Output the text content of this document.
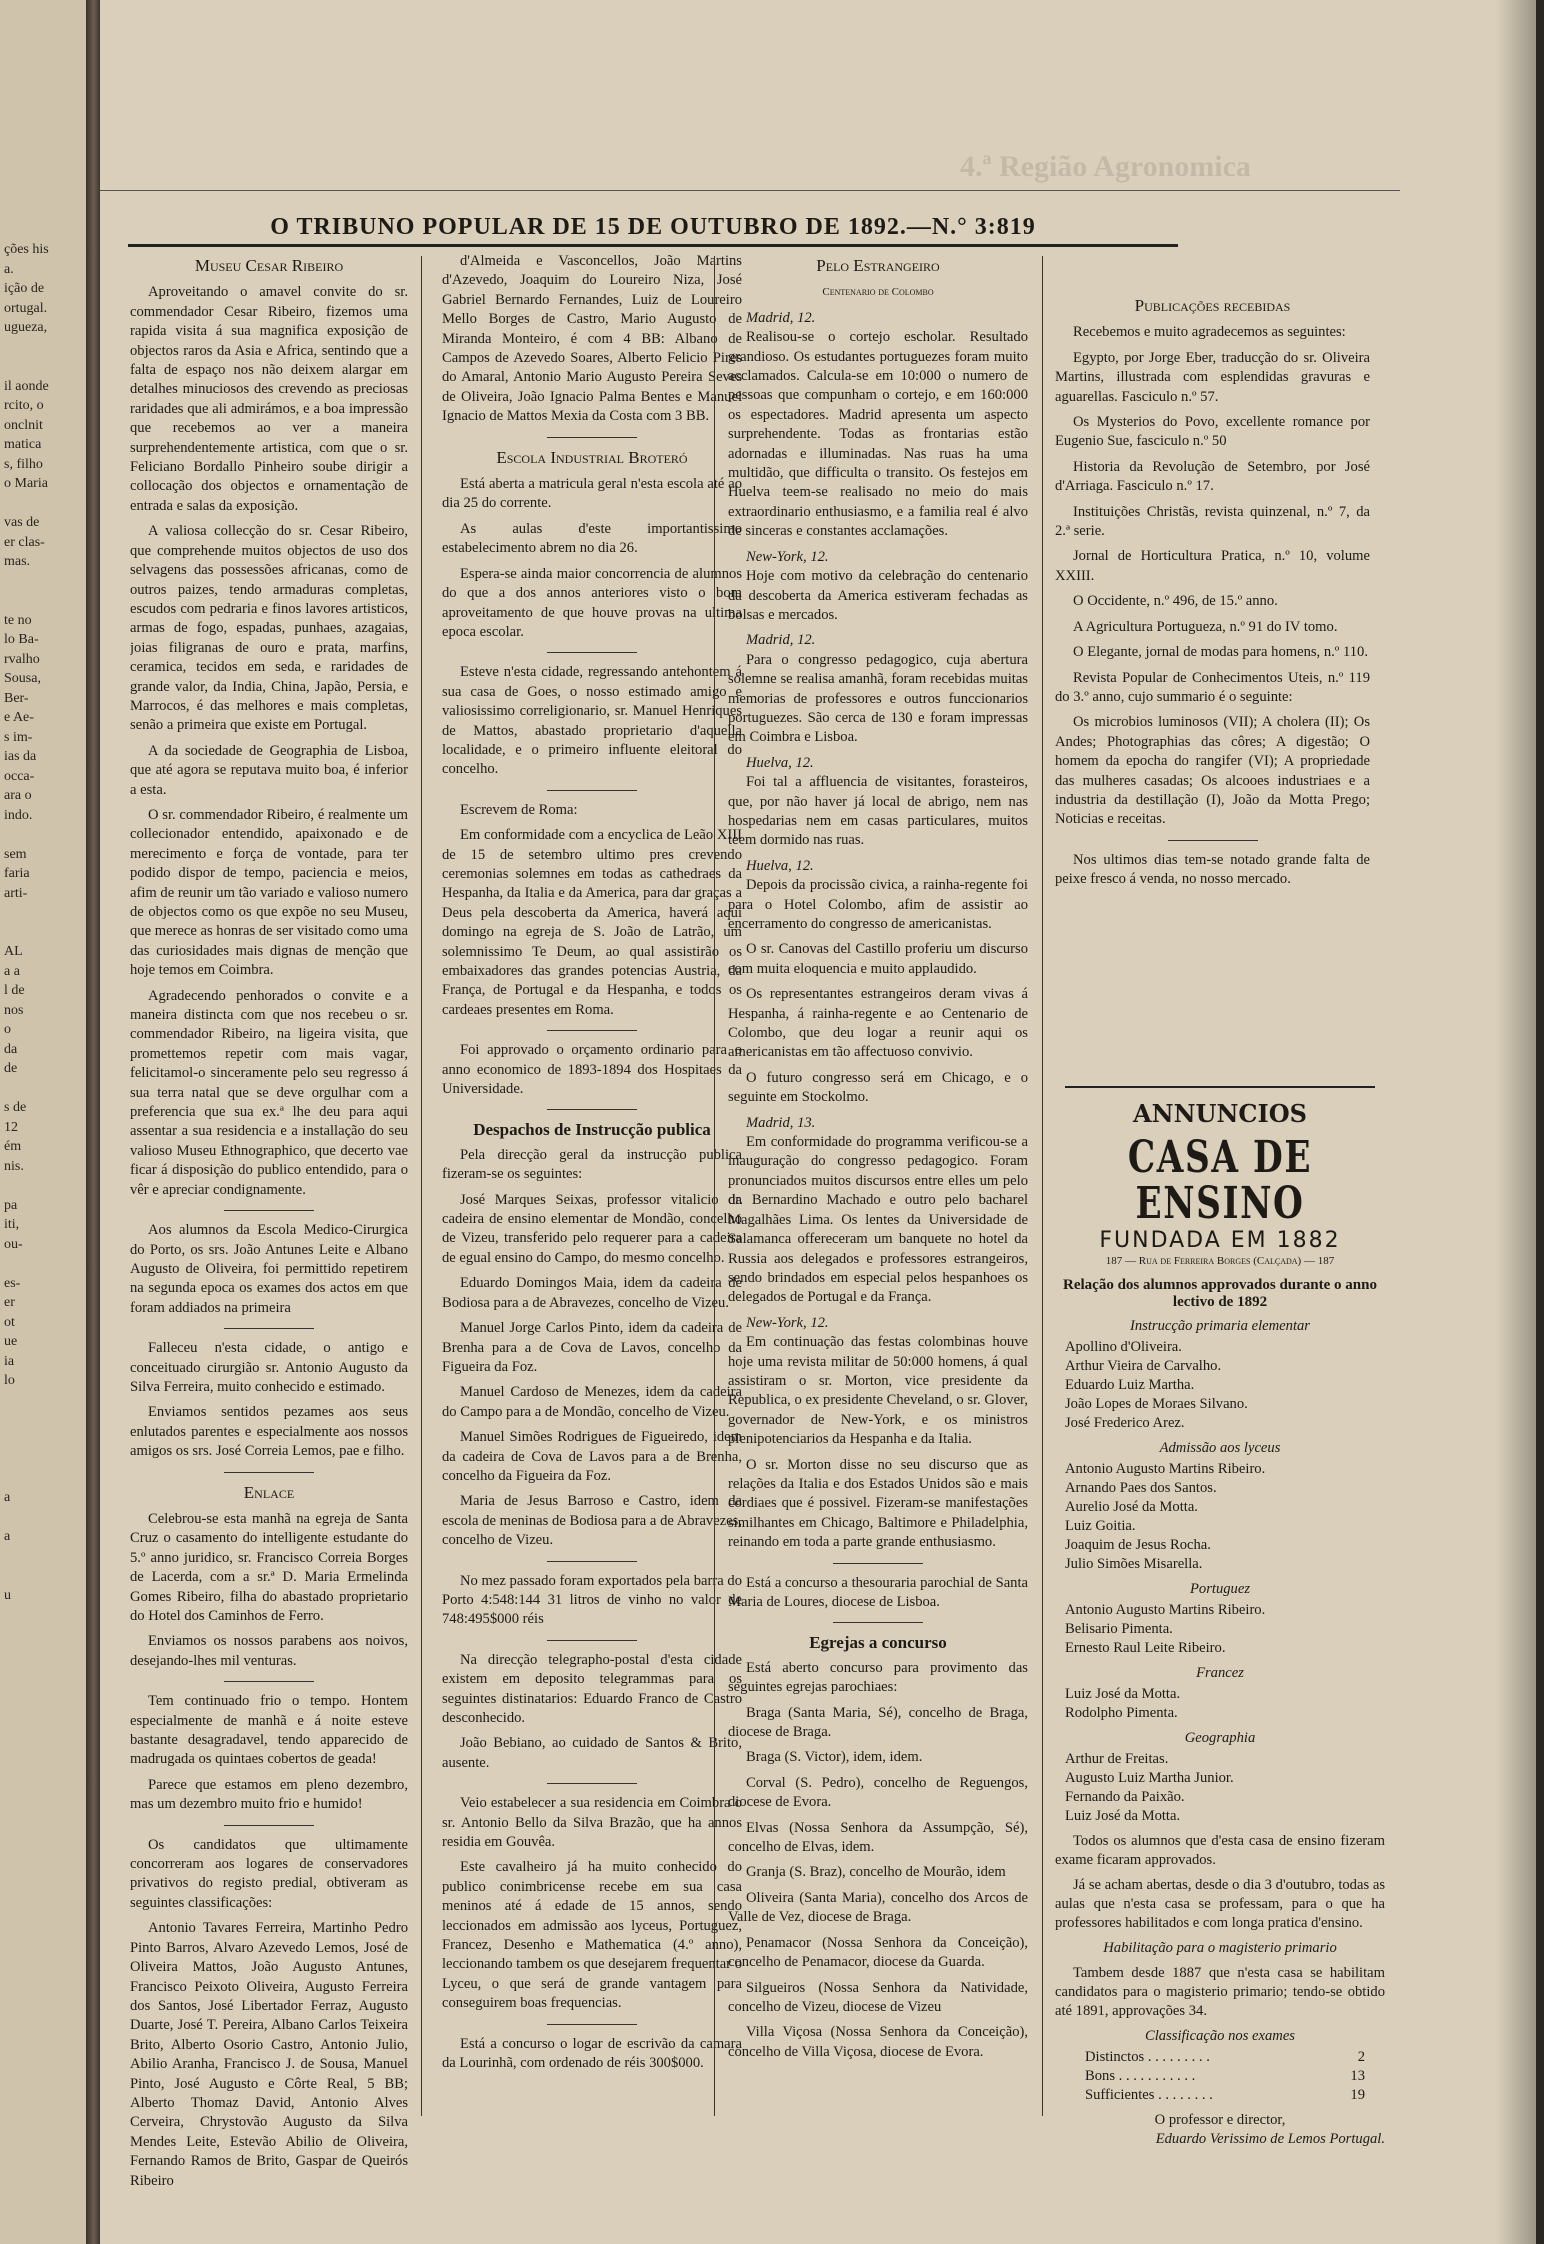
ções his
a.
ição de
ortugal.
ugueza,

il aonde
rcito, o
onclnit
matica
s, filho
o Maria

vas de
er clas-
mas.

te no
lo Ba-
rvalho
Sousa,
Ber-
e Ae-
s im-
ias da
occa-
ara o
indo.

sem
faria
arti-

AL
a a
l de
nos
o
da
de

s de
12
ém
nis.

pa
iti,
ou-

es-
er
ot
ue
ia
lo

a

a

u
4.ª Região Agronomica
O TRIBUNO POPULAR DE 15 DE OUTUBRO DE 1892.—N.° 3:819
Museu Cesar Ribeiro

Aproveitando o amavel convite do sr. commendador Cesar Ribeiro, fizemos uma rapida visita á sua magnifica exposição de objectos raros da Asia e Africa, sentindo que a falta de espaço nos não deixem alargar em detalhes minuciosos des crevendo as preciosas raridades que ali admirámos, e a boa impressão que recebemos ao ver a maneira surprehendentemente artistica, com que o sr. Feliciano Bordallo Pinheiro soube dirigir a collocação dos objectos e ornamentação de entrada e salas da exposição.

A valiosa collecção do sr. Cesar Ribeiro, que comprehende muitos objectos de uso dos selvagens das possessões africanas, como de outros paizes, tendo armaduras completas, escudos com pedraria e finos lavores artisticos, armas de fogo, espadas, punhaes, azagaias, joias filigranas de ouro e prata, marfins, ceramica, tecidos em seda, e raridades de grande valor, da India, China, Japão, Persia, e Marrocos, é das melhores e mais completas, senão a primeira que existe em Portugal.

A da sociedade de Geographia de Lisboa, que até agora se reputava muito boa, é inferior a esta.

O sr. commendador Ribeiro, é realmente um collecionador entendido, apaixonado e de merecimento e força de vontade, para ter podido dispor de tempo, paciencia e meios, afim de reunir um tão variado e valioso numero de objectos como os que expõe no seu Museu, que merece as honras de ser visitado como uma das curiosidades mais dignas de menção que hoje temos em Coimbra.

Agradecendo penhorados o convite e a maneira distincta com que nos recebeu o sr. commendador Ribeiro, na ligeira visita, que promettemos repetir com mais vagar, felicitamol-o sinceramente pelo seu regresso á sua terra natal que se deve orgulhar com a preferencia que sua ex.ª lhe deu para aqui assentar a sua residencia e a installação do seu valioso Museu Ethnographico, que decerto vae ficar á disposição do publico entendido, para o vêr e apreciar condignamente.

Aos alumnos da Escola Medico-Cirurgica do Porto, os srs. João Antunes Leite e Albano Augusto de Oliveira, foi permittido repetirem na segunda epoca os exames dos actos em que foram addiados na primeira

Falleceu n'esta cidade, o antigo e conceituado cirurgião sr. Antonio Augusto da Silva Ferreira, muito conhecido e estimado.

Enviamos sentidos pezames aos seus enlutados parentes e especialmente aos nossos amigos os srs. José Correia Lemos, pae e filho.

Enlace

Celebrou-se esta manhã na egreja de Santa Cruz o casamento do intelligente estudante do 5.º anno juridico, sr. Francisco Correia Borges de Lacerda, com a sr.ª D. Maria Ermelinda Gomes Ribeiro, filha do abastado proprietario do Hotel dos Caminhos de Ferro.

Enviamos os nossos parabens aos noivos, desejando-lhes mil venturas.

Tem continuado frio o tempo. Hontem especialmente de manhã e á noite esteve bastante desagradavel, tendo apparecido de madrugada os quintaes cobertos de geada!

Parece que estamos em pleno dezembro, mas um dezembro muito frio e humido!

Os candidatos que ultimamente concorreram aos logares de conservadores privativos do registo predial, obtiveram as seguintes classificações:

Antonio Tavares Ferreira, Martinho Pedro Pinto Barros, Alvaro Azevedo Lemos, José de Oliveira Mattos, João Augusto Antunes, Francisco Peixoto Oliveira, Augusto Ferreira dos Santos, José Libertador Ferraz, Augusto Duarte, José T. Pereira, Albano Carlos Teixeira Brito, Alberto Osorio Castro, Antonio Julio, Abilio Aranha, Francisco J. de Sousa, Manuel Pinto, José Augusto e Côrte Real, 5 BB; Alberto Thomaz David, Antonio Alves Cerveira, Chrystovão Augusto da Silva Mendes Leite, Estevão Abilio de Oliveira, Fernando Ramos de Brito, Gaspar de Queirós Ribeiro

d'Almeida e Vasconcellos, João Martins d'Azevedo, Joaquim do Loureiro Niza, José Gabriel Bernardo Fernandes, Luiz de Loureiro Mello Borges de Castro, Mario Augusto de Miranda Monteiro, é com 4 BB: Albano de Campos de Azevedo Soares, Alberto Felicio Pires do Amaral, Antonio Mario Augusto Pereira Seves de Oliveira, João Ignacio Palma Bentes e Manuel Ignacio de Mattos Mexia da Costa com 3 BB.

Escola Industrial Broteró

Está aberta a matricula geral n'esta escola até ao dia 25 do corrente.

As aulas d'este importantissimo estabelecimento abrem no dia 26.

Espera-se ainda maior concorrencia de alumnos do que a dos annos anteriores visto o bom aproveitamento de que houve provas na ultima epoca escolar.

Esteve n'esta cidade, regressando antehontem á sua casa de Goes, o nosso estimado amigo e valiosissimo correligionario, sr. Manuel Henriques de Mattos, abastado proprietario d'aquella localidade, e o primeiro influente eleitoral do concelho.

Escrevem de Roma:

Em conformidade com a encyclica de Leão XIII de 15 de setembro ultimo pres crevendo ceremonias solemnes em todas as cathedraes da Hespanha, da Italia e da America, para dar graças a Deus pela descoberta da America, haverá aqui domingo na egreja de S. João de Latrão, um solemnissimo Te Deum, ao qual assistirão os embaixadores das grandes potencias Austria, da França, de Portugal e da Hespanha, e todos os cardeaes presentes em Roma.

Foi approvado o orçamento ordinario para o anno economico de 1893-1894 dos Hospitaes da Universidade.

Despachos de Instrucção publica

Pela direcção geral da instrucção publica fizeram-se os seguintes:

José Marques Seixas, professor vitalicio da cadeira de ensino elementar de Mondão, concelho de Vizeu, transferido pelo requerer para a cadeira de egual ensino do Campo, do mesmo concelho.

Eduardo Domingos Maia, idem da cadeira de Bodiosa para a de Abravezes, concelho de Vizeu.

Manuel Jorge Carlos Pinto, idem da cadeira de Brenha para a de Cova de Lavos, concelho da Figueira da Foz.

Manuel Cardoso de Menezes, idem da cadeira do Campo para a de Mondão, concelho de Vizeu.

Manuel Simões Rodrigues de Figueiredo, idem da cadeira de Cova de Lavos para a de Brenha, concelho da Figueira da Foz.

Maria de Jesus Barroso e Castro, idem da escola de meninas de Bodiosa para a de Abravezes, concelho de Vizeu.

No mez passado foram exportados pela barra do Porto 4:548:144 31 litros de vinho no valor de 748:495$000 réis

Na direcção telegrapho-postal d'esta cidade existem em deposito telegrammas para os seguintes distinatarios: Eduardo Franco de Castro desconhecido.

João Bebiano, ao cuidado de Santos & Brito, ausente.

Veio estabelecer a sua residencia em Coimbra o sr. Antonio Bello da Silva Brazão, que ha annos residia em Gouvêa.

Este cavalheiro já ha muito conhecido do publico conimbricense recebe em sua casa meninos até á edade de 15 annos, sendo leccionados em admissão aos lyceus, Portuguez, Francez, Desenho e Mathematica (4.º anno), leccionando tambem os que desejarem frequentar o Lyceu, o que será de grande vantagem para conseguirem boas frequencias.

Está a concurso o logar de escrivão da camara da Lourinhã, com ordenado de réis 300$000.

Pelo Estrangeiro
Centenario de Colombo
Madrid, 12.

Realisou-se o cortejo escholar. Resultado grandioso. Os estudantes portuguezes foram muito acclamados. Calcula-se em 10:000 o numero de pessoas que compunham o cortejo, e em 160:000 os espectadores. Madrid apresenta um aspecto surprehendente. Todas as frontarias estão adornadas e illuminadas. Nas ruas ha uma multidão, que difficulta o transito. Os festejos em Huelva teem-se realisado no meio do mais extraordinario enthusiasmo, e a familia real é alvo de sinceras e constantes acclamações.

New-York, 12.

Hoje com motivo da celebração do centenario da descoberta da America estiveram fechadas as bolsas e mercados.

Madrid, 12.

Para o congresso pedagogico, cuja abertura solemne se realisa amanhã, foram recebidas muitas memorias de professores e outros funccionarios portuguezes. São cerca de 130 e foram impressas em Coimbra e Lisboa.

Huelva, 12.

Foi tal a affluencia de visitantes, forasteiros, que, por não haver já local de abrigo, nem nas hospedarias nem em casas particulares, muitos teem dormido nas ruas.

Huelva, 12.

Depois da procissão civica, a rainha-regente foi para o Hotel Colombo, afim de assistir ao encerramento do congresso de americanistas.

O sr. Canovas del Castillo proferiu um discurso com muita eloquencia e muito applaudido.

Os representantes estrangeiros deram vivas á Hespanha, á rainha-regente e ao Centenario de Colombo, que deu logar a reunir aqui os americanistas em tão affectuoso convivio.

O futuro congresso será em Chicago, e o seguinte em Stockolmo.

Madrid, 13.

Em conformidade do programma verificou-se a inauguração do congresso pedagogico. Foram pronunciados muitos discursos entre elles um pelo dr. Bernardino Machado e outro pelo bacharel Magalhães Lima. Os lentes da Universidade de Salamanca offereceram um banquete no hotel da Russia aos delegados e professores estrangeiros, sendo brindados em especial pelos hespanhoes os delegados de Portugal e da França.

New-York, 12.

Em continuação das festas colombinas houve hoje uma revista militar de 50:000 homens, á qual assistiram o sr. Morton, vice presidente da Republica, o ex presidente Cheveland, o sr. Glover, governador de New-York, e os ministros plenipotenciarios da Hespanha e da Italia.

O sr. Morton disse no seu discurso que as relações da Italia e dos Estados Unidos são e mais cordiaes que é possivel. Fizeram-se manifestações similhantes em Chicago, Baltimore e Philadelphia, reinando em toda a parte grande enthusiasmo.

Está a concurso a thesouraria parochial de Santa Maria de Loures, diocese de Lisboa.

Egrejas a concurso

Está aberto concurso para provimento das seguintes egrejas parochiaes:

Braga (Santa Maria, Sé), concelho de Braga, diocese de Braga.

Braga (S. Victor), idem, idem.

Corval (S. Pedro), concelho de Reguengos, diocese de Evora.

Elvas (Nossa Senhora da Assumpção, Sé), concelho de Elvas, idem.

Granja (S. Braz), concelho de Mourão, idem

Oliveira (Santa Maria), concelho dos Arcos de Valle de Vez, diocese de Braga.

Penamacor (Nossa Senhora da Conceição), concelho de Penamacor, diocese da Guarda.

Silgueiros (Nossa Senhora da Natividade, concelho de Vizeu, diocese de Vizeu

Villa Viçosa (Nossa Senhora da Conceição), concelho de Villa Viçosa, diocese de Evora.

Publicações recebidas

Recebemos e muito agradecemos as seguintes:

Egypto, por Jorge Eber, traducção do sr. Oliveira Martins, illustrada com esplendidas gravuras e aguarellas. Fasciculo n.º 57.

Os Mysterios do Povo, excellente romance por Eugenio Sue, fasciculo n.º 50

Historia da Revolução de Setembro, por José d'Arriaga. Fasciculo n.º 17.

Instituições Christãs, revista quinzenal, n.º 7, da 2.ª serie.

Jornal de Horticultura Pratica, n.º 10, volume XXIII.

O Occidente, n.º 496, de 15.º anno.

A Agricultura Portugueza, n.º 91 do IV tomo.

O Elegante, jornal de modas para homens, n.º 110.

Revista Popular de Conhecimentos Uteis, n.º 119 do 3.º anno, cujo summario é o seguinte:

Os microbios luminosos (VII); A cholera (II); Os Andes; Photographias das côres; A digestão; O homem da epocha do rangifer (VI); A propriedade das mulheres casadas; Os alcooes industriaes e a industria da destillação (I), João da Motta Prego; Noticias e receitas.

Nos ultimos dias tem-se notado grande falta de peixe fresco á venda, no nosso mercado.

ANNUNCIOS
CASA DE ENSINO
FUNDADA EM 1882
187 — Rua de Ferreira Borges (Calçada) — 187
Relação dos alumnos approvados durante o anno lectivo de 1892
Instrucção primaria elementar
Apollino d'Oliveira.
Arthur Vieira de Carvalho.
Eduardo Luiz Martha.
João Lopes de Moraes Silvano.
José Frederico Arez.
Admissão aos lyceus
Antonio Augusto Martins Ribeiro.
Arnando Paes dos Santos.
Aurelio José da Motta.
Luiz Goitia.
Joaquim de Jesus Rocha.
Julio Simões Misarella.
Portuguez
Antonio Augusto Martins Ribeiro.
Belisario Pimenta.
Ernesto Raul Leite Ribeiro.
Francez
Luiz José da Motta.
Rodolpho Pimenta.
Geographia
Arthur de Freitas.
Augusto Luiz Martha Junior.
Fernando da Paixão.
Luiz José da Motta.

Todos os alumnos que d'esta casa de ensino fizeram exame ficaram approvados.

Já se acham abertas, desde o dia 3 d'outubro, todas as aulas que n'esta casa se professam, para o que ha professores habilitados e com longa pratica d'ensino.

Habilitação para o magisterio primario

Tambem desde 1887 que n'esta casa se habilitam candidatos para o magisterio primario; tendo-se obtido até 1891, approvações 34.

Classificação nos exames
Distinctos . . . . . . . . .	2
Bons . . . . . . . . . . .	13
Sufficientes . . . . . . . .	19
O professor e director,
Eduardo Verissimo de Lemos Portugal.
